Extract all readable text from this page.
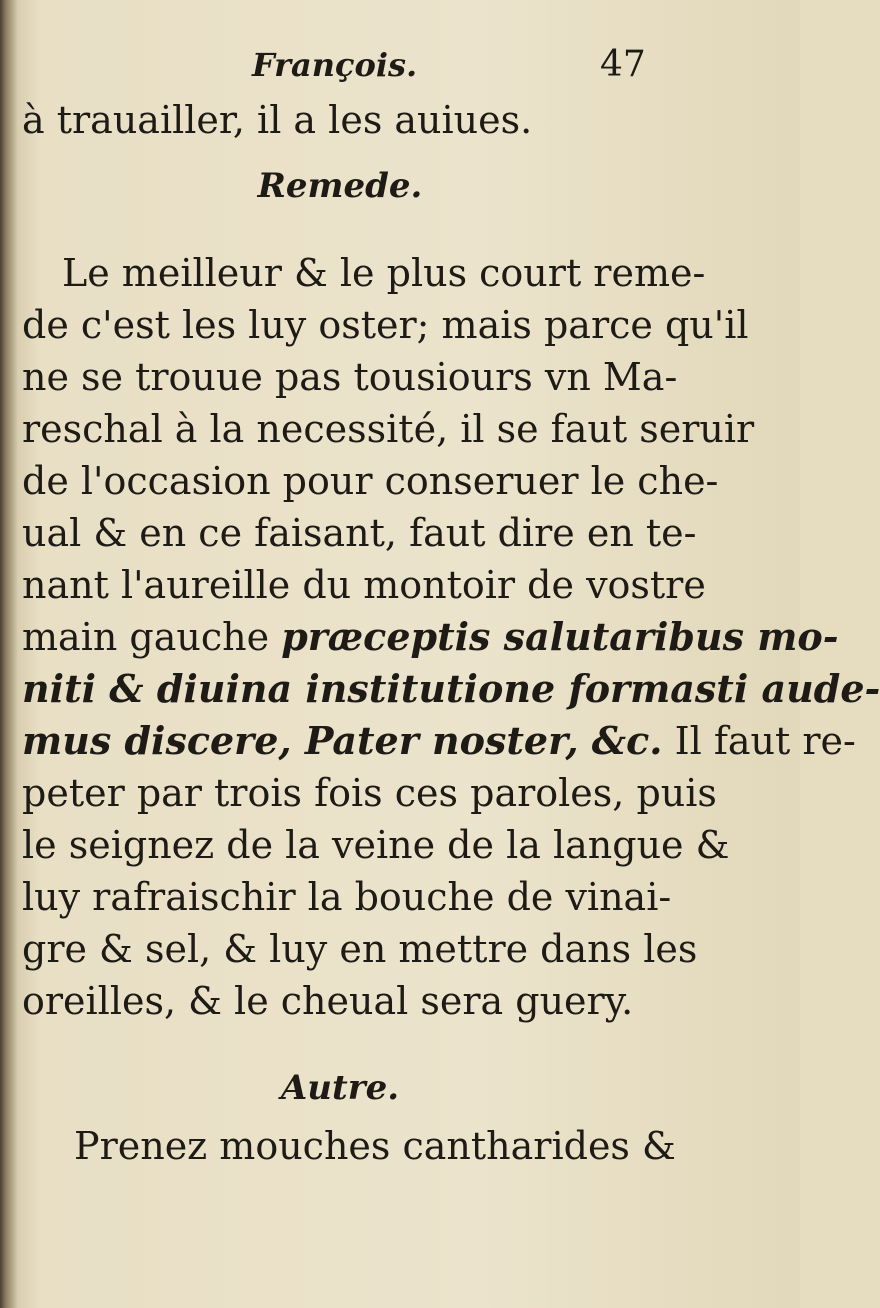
François.	47
à trauailler, il a les auiues.
Remede.
Le meilleur & le plus court reme-
de c'est les luy oster; mais parce qu'il
ne se trouue pas tousiours vn Ma-
reschal à la necessité, il se faut seruir
de l'occasion pour conseruer le che-
ual & en ce faisant, faut dire en te-
nant l'aureille du montoir de vostre
main gauche præceptis salutaribus mo-
niti & diuina institutione formasti aude-
mus discere, Pater noster, &c. Il faut re-
peter par trois fois ces paroles, puis
le seignez de la veine de la langue &
luy rafraischir la bouche de vinai-
gre & sel, & luy en mettre dans les
oreilles, & le cheual sera guery.
Autre.
Prenez mouches cantharides &
